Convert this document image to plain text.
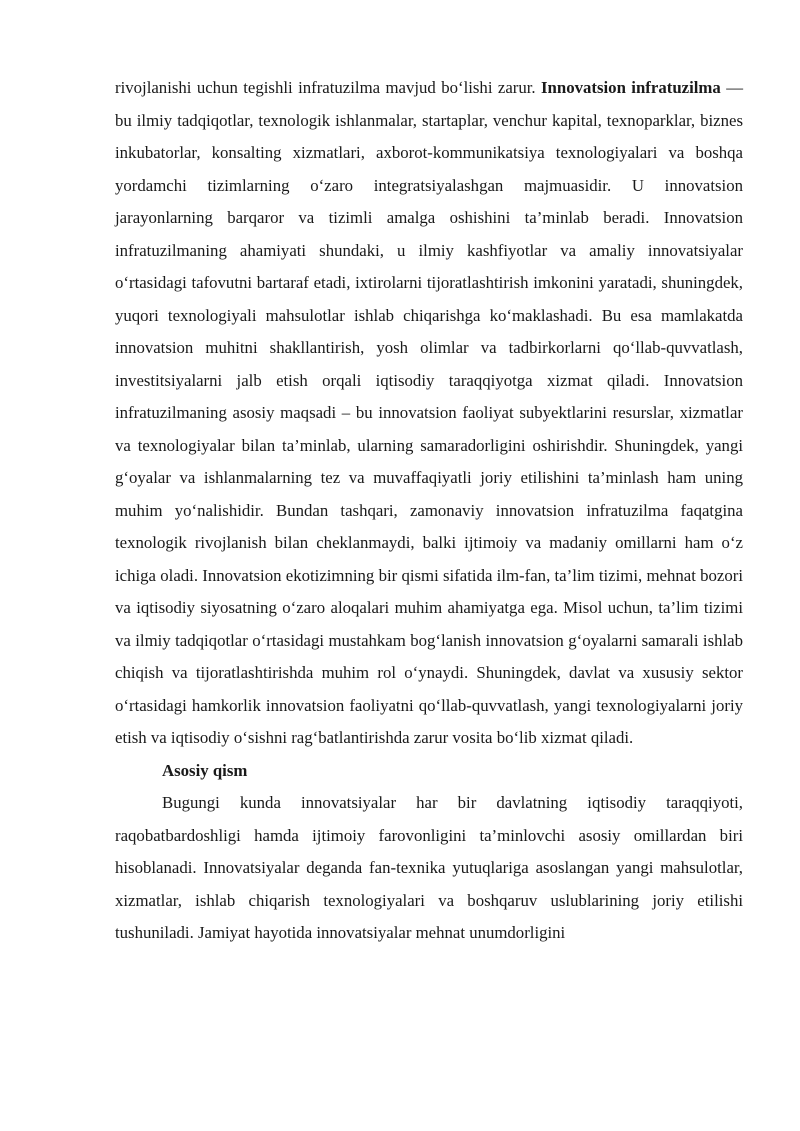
rivojlanishi uchun tegishli infratuzilma mavjud bo‘lishi zarur. Innovatsion infratuzilma — bu ilmiy tadqiqotlar, texnologik ishlanmalar, startaplar, venchur kapital, texnoparklar, biznes inkubatorlar, konsalting xizmatlari, axborot-kommunikatsiya texnologiyalari va boshqa yordamchi tizimlarning o‘zaro integratsiyalashgan majmuasidir. U innovatsion jarayonlarning barqaror va tizimli amalga oshishini ta’minlab beradi. Innovatsion infratuzilmaning ahamiyati shundaki, u ilmiy kashfiyotlar va amaliy innovatsiyalar o‘rtasidagi tafovutni bartaraf etadi, ixtirolarni tijoratlashtirish imkonini yaratadi, shuningdek, yuqori texnologiyali mahsulotlar ishlab chiqarishga ko‘maklashadi. Bu esa mamlakatda innovatsion muhitni shakllantirish, yosh olimlar va tadbirkorlarni qo‘llab-quvvatlash, investitsiyalarni jalb etish orqali iqtisodiy taraqqiyotga xizmat qiladi. Innovatsion infratuzilmaning asosiy maqsadi – bu innovatsion faoliyat subyektlarini resurslar, xizmatlar va texnologiyalar bilan ta’minlab, ularning samaradorligini oshirishdir. Shuningdek, yangi g‘oyalar va ishlanmalarning tez va muvaffaqiyatli joriy etilishini ta’minlash ham uning muhim yo‘nalishidir. Bundan tashqari, zamonaviy innovatsion infratuzilma faqatgina texnologik rivojlanish bilan cheklanmaydi, balki ijtimoiy va madaniy omillarni ham o‘z ichiga oladi. Innovatsion ekotizimning bir qismi sifatida ilm-fan, ta’lim tizimi, mehnat bozori va iqtisodiy siyosatning o‘zaro aloqalari muhim ahamiyatga ega. Misol uchun, ta’lim tizimi va ilmiy tadqiqotlar o‘rtasidagi mustahkam bog‘lanish innovatsion g‘oyalarni samarali ishlab chiqish va tijoratlashtirishda muhim rol o‘ynaydi. Shuningdek, davlat va xususiy sektor o‘rtasidagi hamkorlik innovatsion faoliyatni qo‘llab-quvvatlash, yangi texnologiyalarni joriy etish va iqtisodiy o‘sishni rag‘batlantirishda zarur vosita bo‘lib xizmat qiladi.

Asosiy qism

Bugungi kunda innovatsiyalar har bir davlatning iqtisodiy taraqqiyoti, raqobatbardoshligi hamda ijtimoiy farovonligini ta’minlovchi asosiy omillardan biri hisoblanadi. Innovatsiyalar deganda fan-texnika yutuqlariga asoslangan yangi mahsulotlar, xizmatlar, ishlab chiqarish texnologiyalari va boshqaruv uslublarining joriy etilishi tushuniladi. Jamiyat hayotida innovatsiyalar mehnat unumdorligini
